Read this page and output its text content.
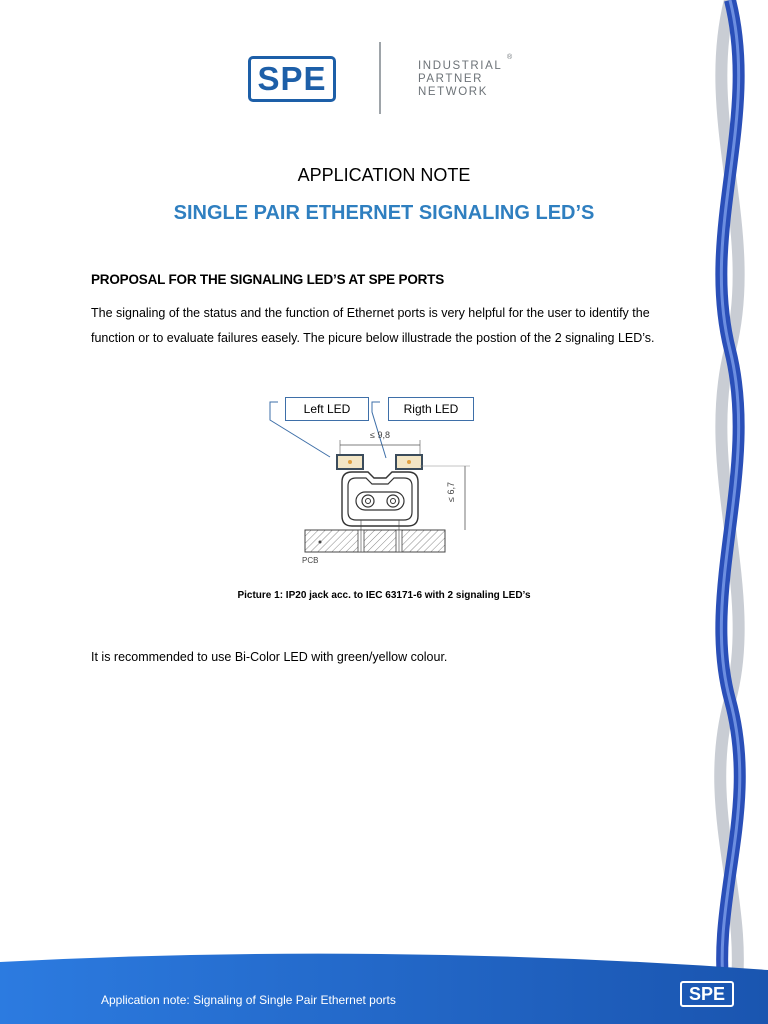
SPE	INDUSTRIAL
PARTNER
NETWORK
®
APPLICATION NOTE
SINGLE PAIR ETHERNET SIGNALING LED’S
PROPOSAL FOR THE SIGNALING LED’S AT SPE PORTS
The signaling of the status and the function of Ethernet ports is very helpful for the user to identify the function or to evaluate failures easely. The picure below illustrade the postion of the 2 signaling LED’s.
Left LED	Rigth LED
≤ 9,8
≤ 6,7
PCB
Picture 1: IP20 jack acc. to IEC 63171-6 with 2 signaling LED’s
It is recommended to use Bi-Color LED with green/yellow colour.
Application note: Signaling of Single Pair Ethernet ports	SPE
